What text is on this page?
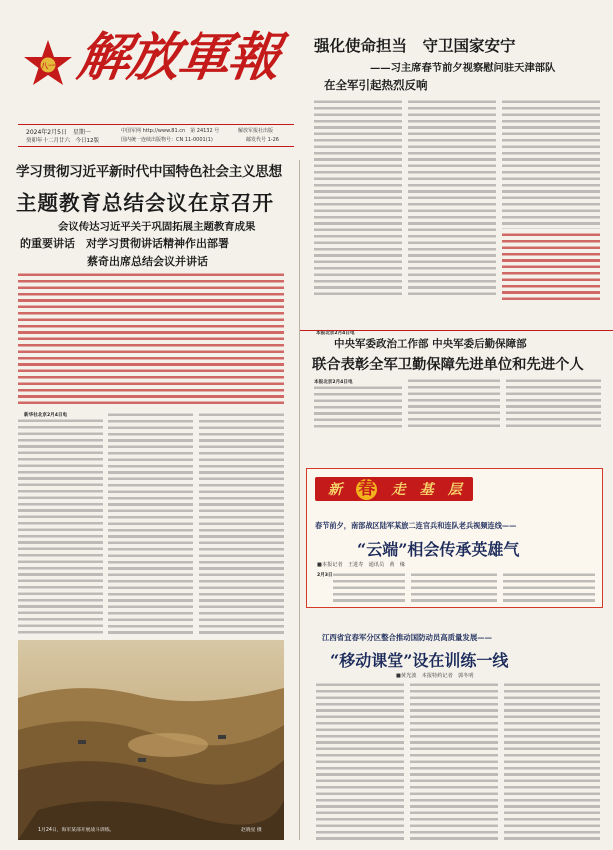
八一 解放軍報
2024年2月5日　星期一
癸卯年十二月廿六　今日12版
中国军网 http://www.81.cn　第 24132 号
国内统一连续出版物号：CN 11-0001(1)
解放军报社出版
邮发代号 1-26
强化使命担当　守卫国家安宁
——习主席春节前夕视察慰问驻天津部队
在全军引起热烈反响
学习贯彻习近平新时代中国特色社会主义思想
主题教育总结会议在京召开
会议传达习近平关于巩固拓展主题教育成果
的重要讲话　对学习贯彻讲话精神作出部署
蔡奇出席总结会议并讲话
新华社北京2月4日电
1月24日，海军某部开展战斗训练。	赵晓星 摄
本报北京2月4日电
中央军委政治工作部 中央军委后勤保障部
联合表彰全军卫勤保障先进单位和先进个人
本报北京2月4日电
新 春 走 基 层
春节前夕，南部战区陆军某旅二连官兵和连队老兵视频连线——
“云端”相会传承英雄气
■本报记者　王进寿　通讯员　黄　缘
2月3日
江西省宜春军分区整合推动国防动员高质量发展——
“移动课堂”设在训练一线
■黄光波　本报特约记者　郭冬明
